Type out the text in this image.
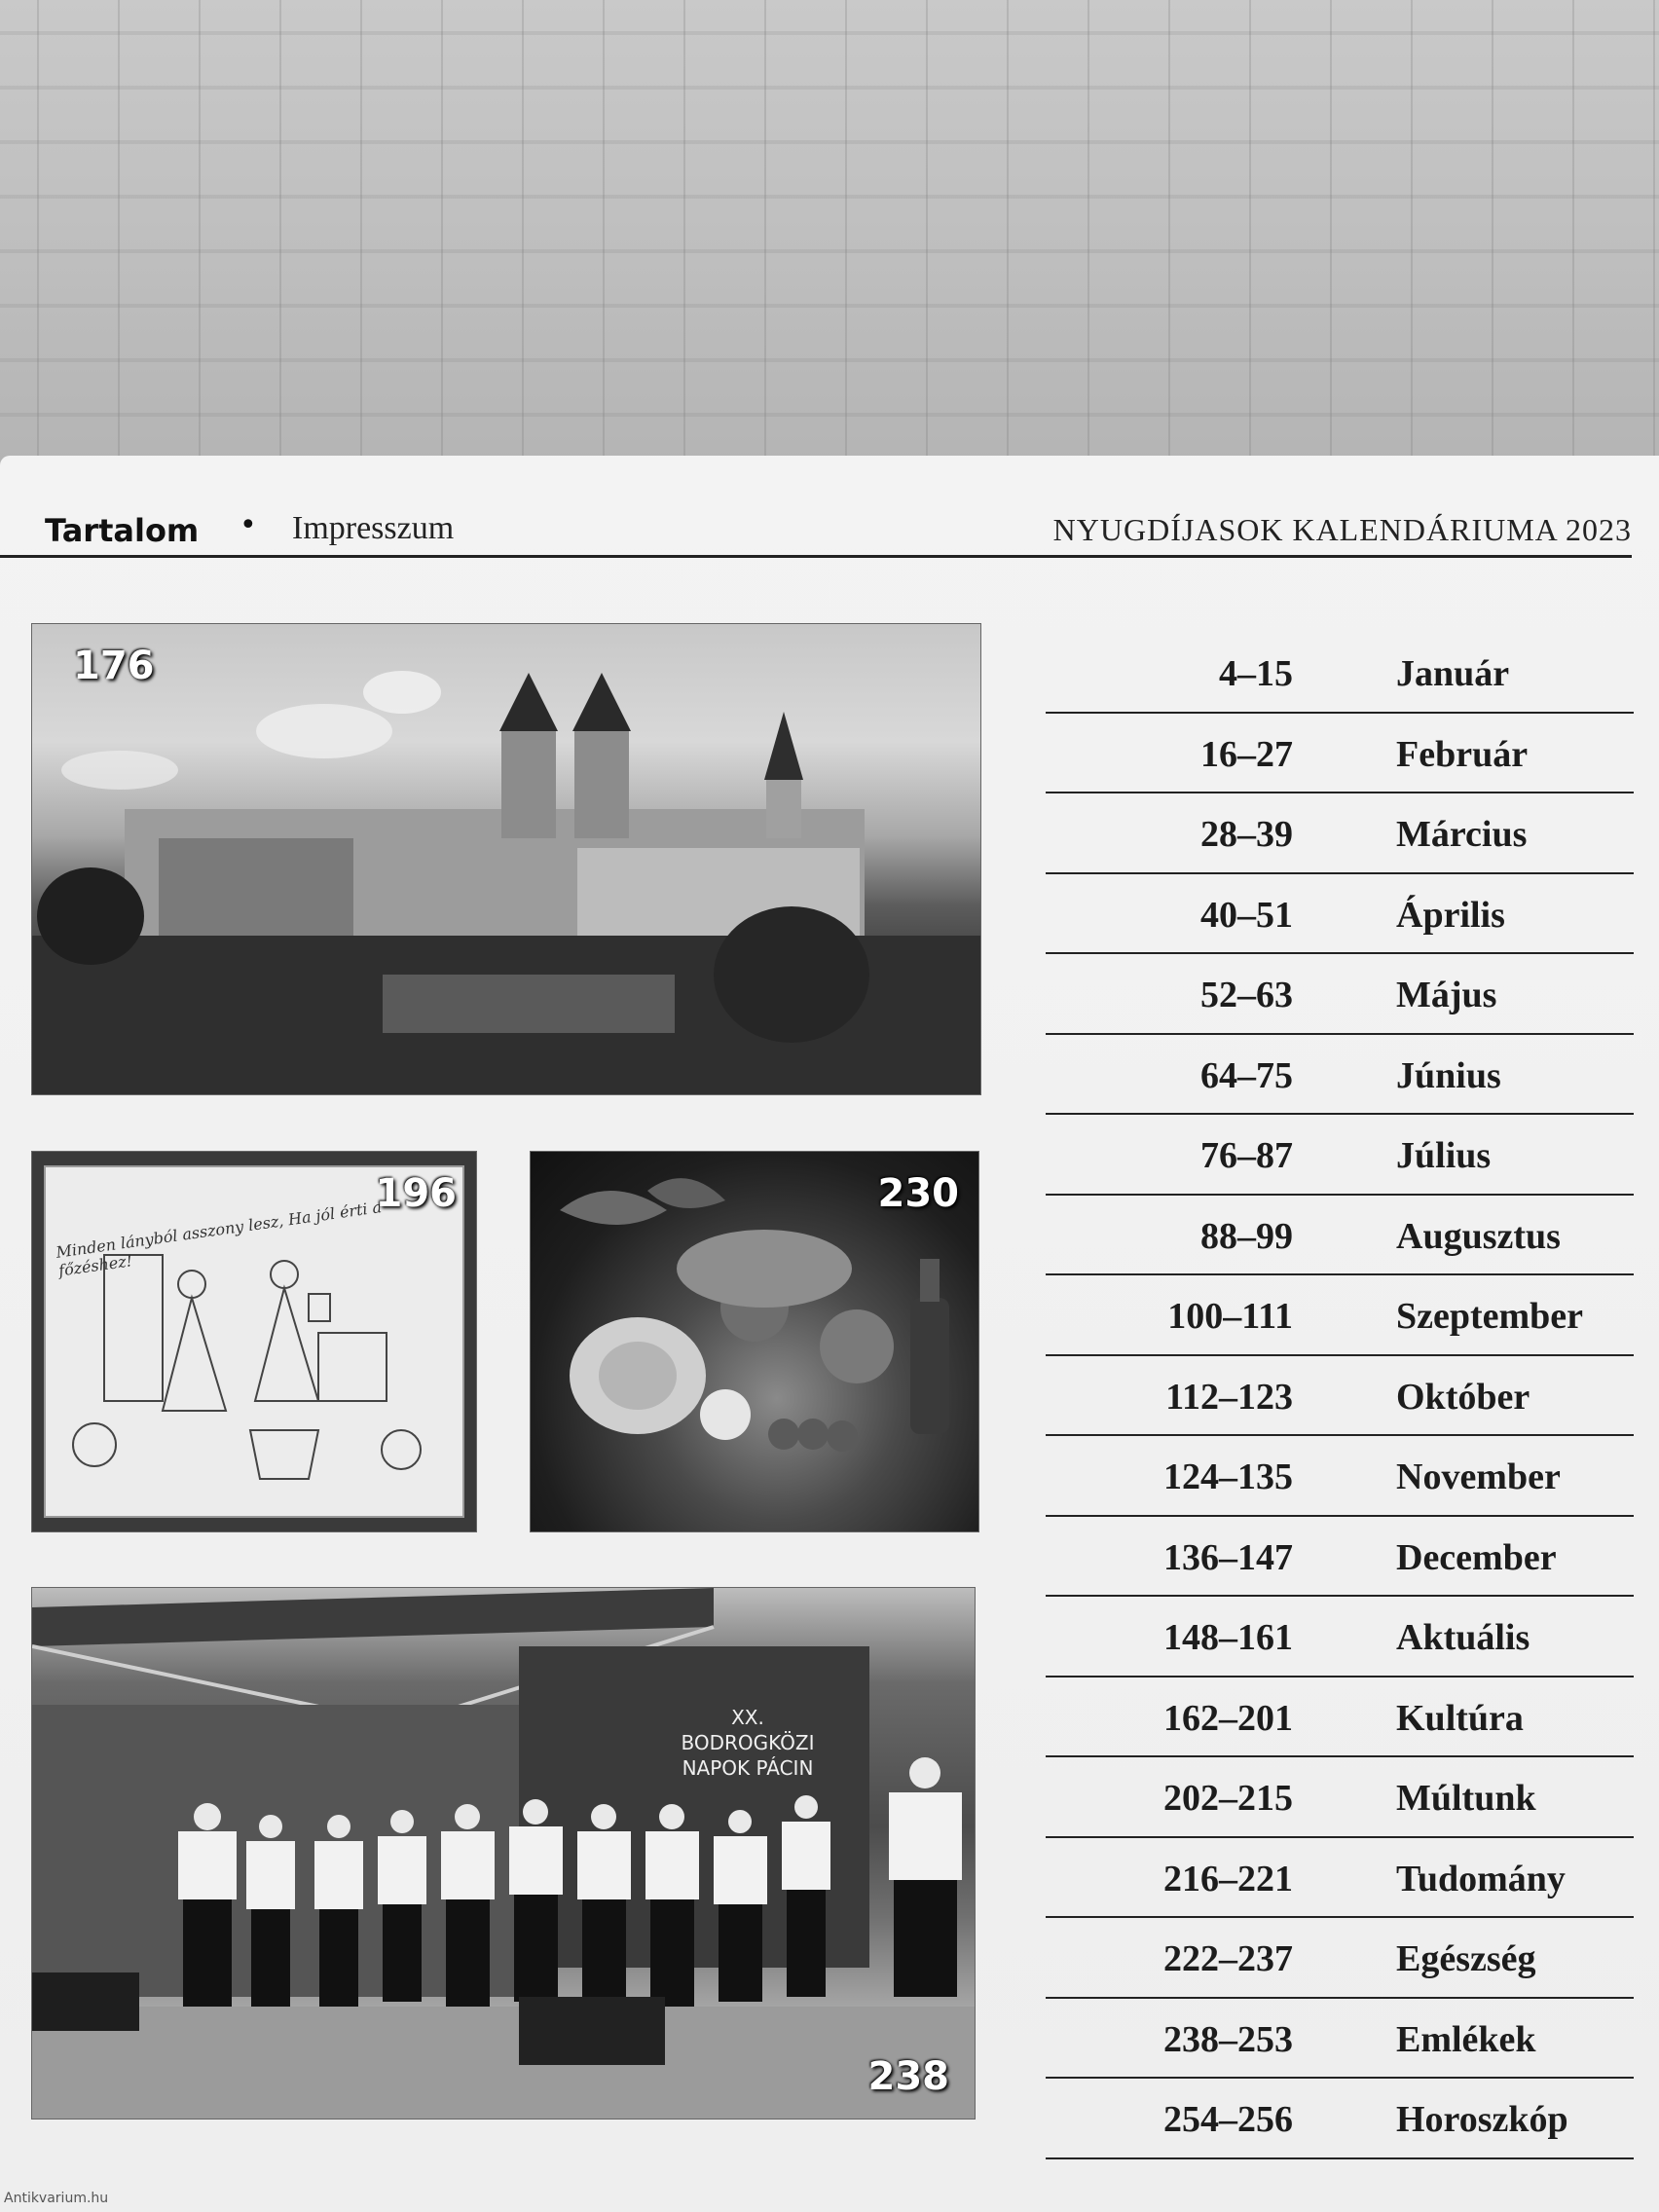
Tartalom • Impresszum	NYUGDÍJASOK KALENDÁRIUMA 2023
176
Minden lányból asszony lesz, Ha jól érti a főzéshez!
196	230
XX. BODROGKÖZI NAPOK PÁCIN
238
4–15	Január
16–27	Február
28–39	Március
40–51	Április
52–63	Május
64–75	Június
76–87	Július
88–99	Augusztus
100–111	Szeptember
112–123	Október
124–135	November
136–147	December
148–161	Aktuális
162–201	Kultúra
202–215	Múltunk
216–221	Tudomány
222–237	Egészség
238–253	Emlékek
254–256	Horoszkóp
Antikvarium.hu
